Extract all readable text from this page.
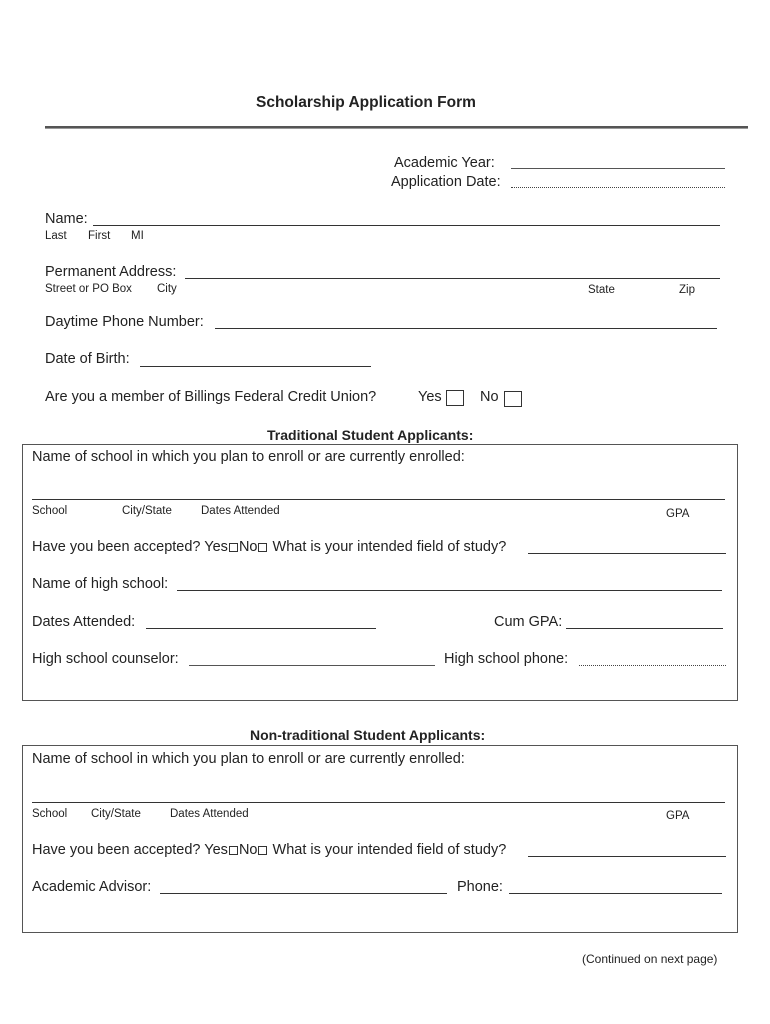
Scholarship Application Form
Academic Year:
Application Date:
Name:
Last First MI
Permanent Address:
Street or PO Box City	State	Zip
Daytime Phone Number:
Date of Birth:
Are you a member of Billings Federal Credit Union?	Yes	No
Traditional Student Applicants:
Name of school in which you plan to enroll or are currently enrolled:
School	City/State	Dates Attended	GPA
Have you been accepted? Yes No What is your intended field of study?
Name of high school:
Dates Attended:	Cum GPA:
High school counselor:	High school phone:
Non-traditional Student Applicants:
Name of school in which you plan to enroll or are currently enrolled:
School City/State	Dates Attended	GPA
Have you been accepted? Yes No What is your intended field of study?
Academic Advisor:	Phone:
(Continued on next page)
